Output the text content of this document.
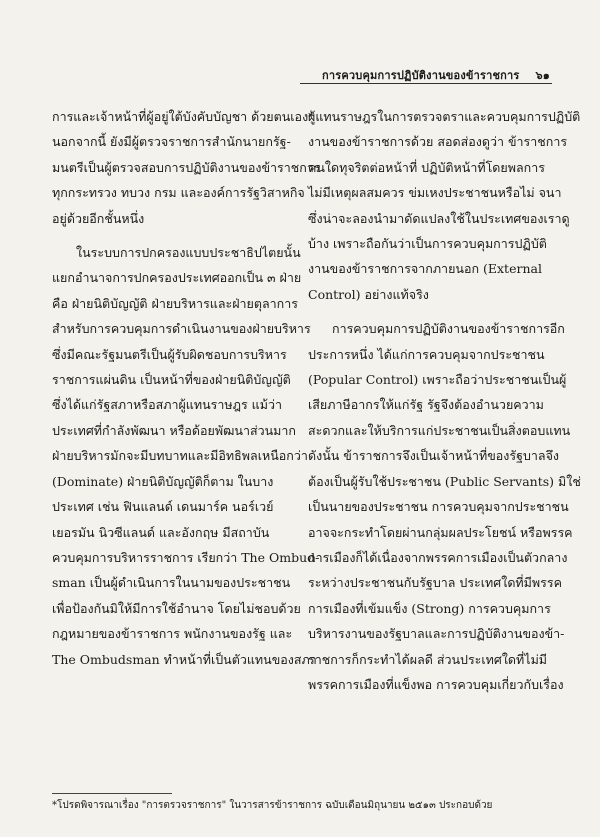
การควบคุมการปฏิบัติงานของข้าราชการ ๖๑

การและเจ้าหน้าที่ผู้อยู่ใต้บังคับบัญชา ด้วยตนเอง*
นอกจากนี้ ยังมีผู้ตรวจราชการสำนักนายกรัฐ-
มนตรีเป็นผู้ตรวจสอบการปฏิบัติงานของข้าราชการ
ทุกกระทรวง ทบวง กรม และองค์การรัฐวิสาหกิจ
อยู่ด้วยอีกชั้นหนึ่ง

ในระบบการปกครองแบบประชาธิปไตยนั้น
แยกอำนาจการปกครองประเทศออกเป็น ๓ ฝ่าย
คือ ฝ่ายนิติบัญญัติ ฝ่ายบริหารและฝ่ายตุลาการ
สำหรับการควบคุมการดำเนินงานของฝ่ายบริหาร
ซึ่งมีคณะรัฐมนตรีเป็นผู้รับผิดชอบการบริหาร
ราชการแผ่นดิน เป็นหน้าที่ของฝ่ายนิติบัญญัติ
ซึ่งได้แก่รัฐสภาหรือสภาผู้แทนราษฎร แม้ว่า
ประเทศที่กำลังพัฒนา หรือด้อยพัฒนาส่วนมาก
ฝ่ายบริหารมักจะมีบทบาทและมีอิทธิพลเหนือกว่า
(Dominate) ฝ่ายนิติบัญญัติก็ตาม ในบาง
ประเทศ เช่น ฟินแลนด์ เดนมาร์ค นอร์เวย์
เยอรมัน นิวซีแลนด์ และอังกฤษ มีสถาบัน
ควบคุมการบริหารราชการ เรียกว่า The Ombud-
sman เป็นผู้ดำเนินการในนามของประชาชน
เพื่อป้องกันมิให้มีการใช้อำนาจ โดยไม่ชอบด้วย
กฎหมายของข้าราชการ พนักงานของรัฐ และ
The Ombudsman ทำหน้าที่เป็นตัวแทนของสภา

ผู้แทนราษฎรในการตรวจตราและควบคุมการปฏิบัติ
งานของข้าราชการด้วย สอดส่องดูว่า ข้าราชการ
คนใดทุจริตต่อหน้าที่ ปฏิบัติหน้าที่โดยพลการ
ไม่มีเหตุผลสมควร ข่มเหงประชาชนหรือไม่ จนา
ซึ่งน่าจะลองนำมาดัดแปลงใช้ในประเทศของเราดู
บ้าง เพราะถือกันว่าเป็นการควบคุมการปฏิบัติ
งานของข้าราชการจากภายนอก (External
Control) อย่างแท้จริง

การควบคุมการปฏิบัติงานของข้าราชการอีก
ประการหนึ่ง ได้แก่การควบคุมจากประชาชน
(Popular Control) เพราะถือว่าประชาชนเป็นผู้
เสียภาษีอากรให้แก่รัฐ รัฐจึงต้องอำนวยความ
สะดวกและให้บริการแก่ประชาชนเป็นสิ่งตอบแทน
ดังนั้น ข้าราชการจึงเป็นเจ้าหน้าที่ของรัฐบาลจึง
ต้องเป็นผู้รับใช้ประชาชน (Public Servants) มิใช่
เป็นนายของประชาชน การควบคุมจากประชาชน
อาจจะกระทำโดยผ่านกลุ่มผลประโยชน์ หรือพรรค
การเมืองก็ได้เนื่องจากพรรคการเมืองเป็นตัวกลาง
ระหว่างประชาชนกับรัฐบาล ประเทศใดที่มีพรรค
การเมืองที่เข้มแข็ง (Strong) การควบคุมการ
บริหารงานของรัฐบาลและการปฏิบัติงานของข้า-
ราชการก็กระทำได้ผลดี ส่วนประเทศใดที่ไม่มี
พรรคการเมืองที่แข็งพอ การควบคุมเกี่ยวกับเรื่อง

*โปรดพิจารณาเรื่อง "การตรวจราชการ" ในวารสารข้าราชการ ฉบับเดือนมิถุนายน ๒๕๑๓ ประกอบด้วย
